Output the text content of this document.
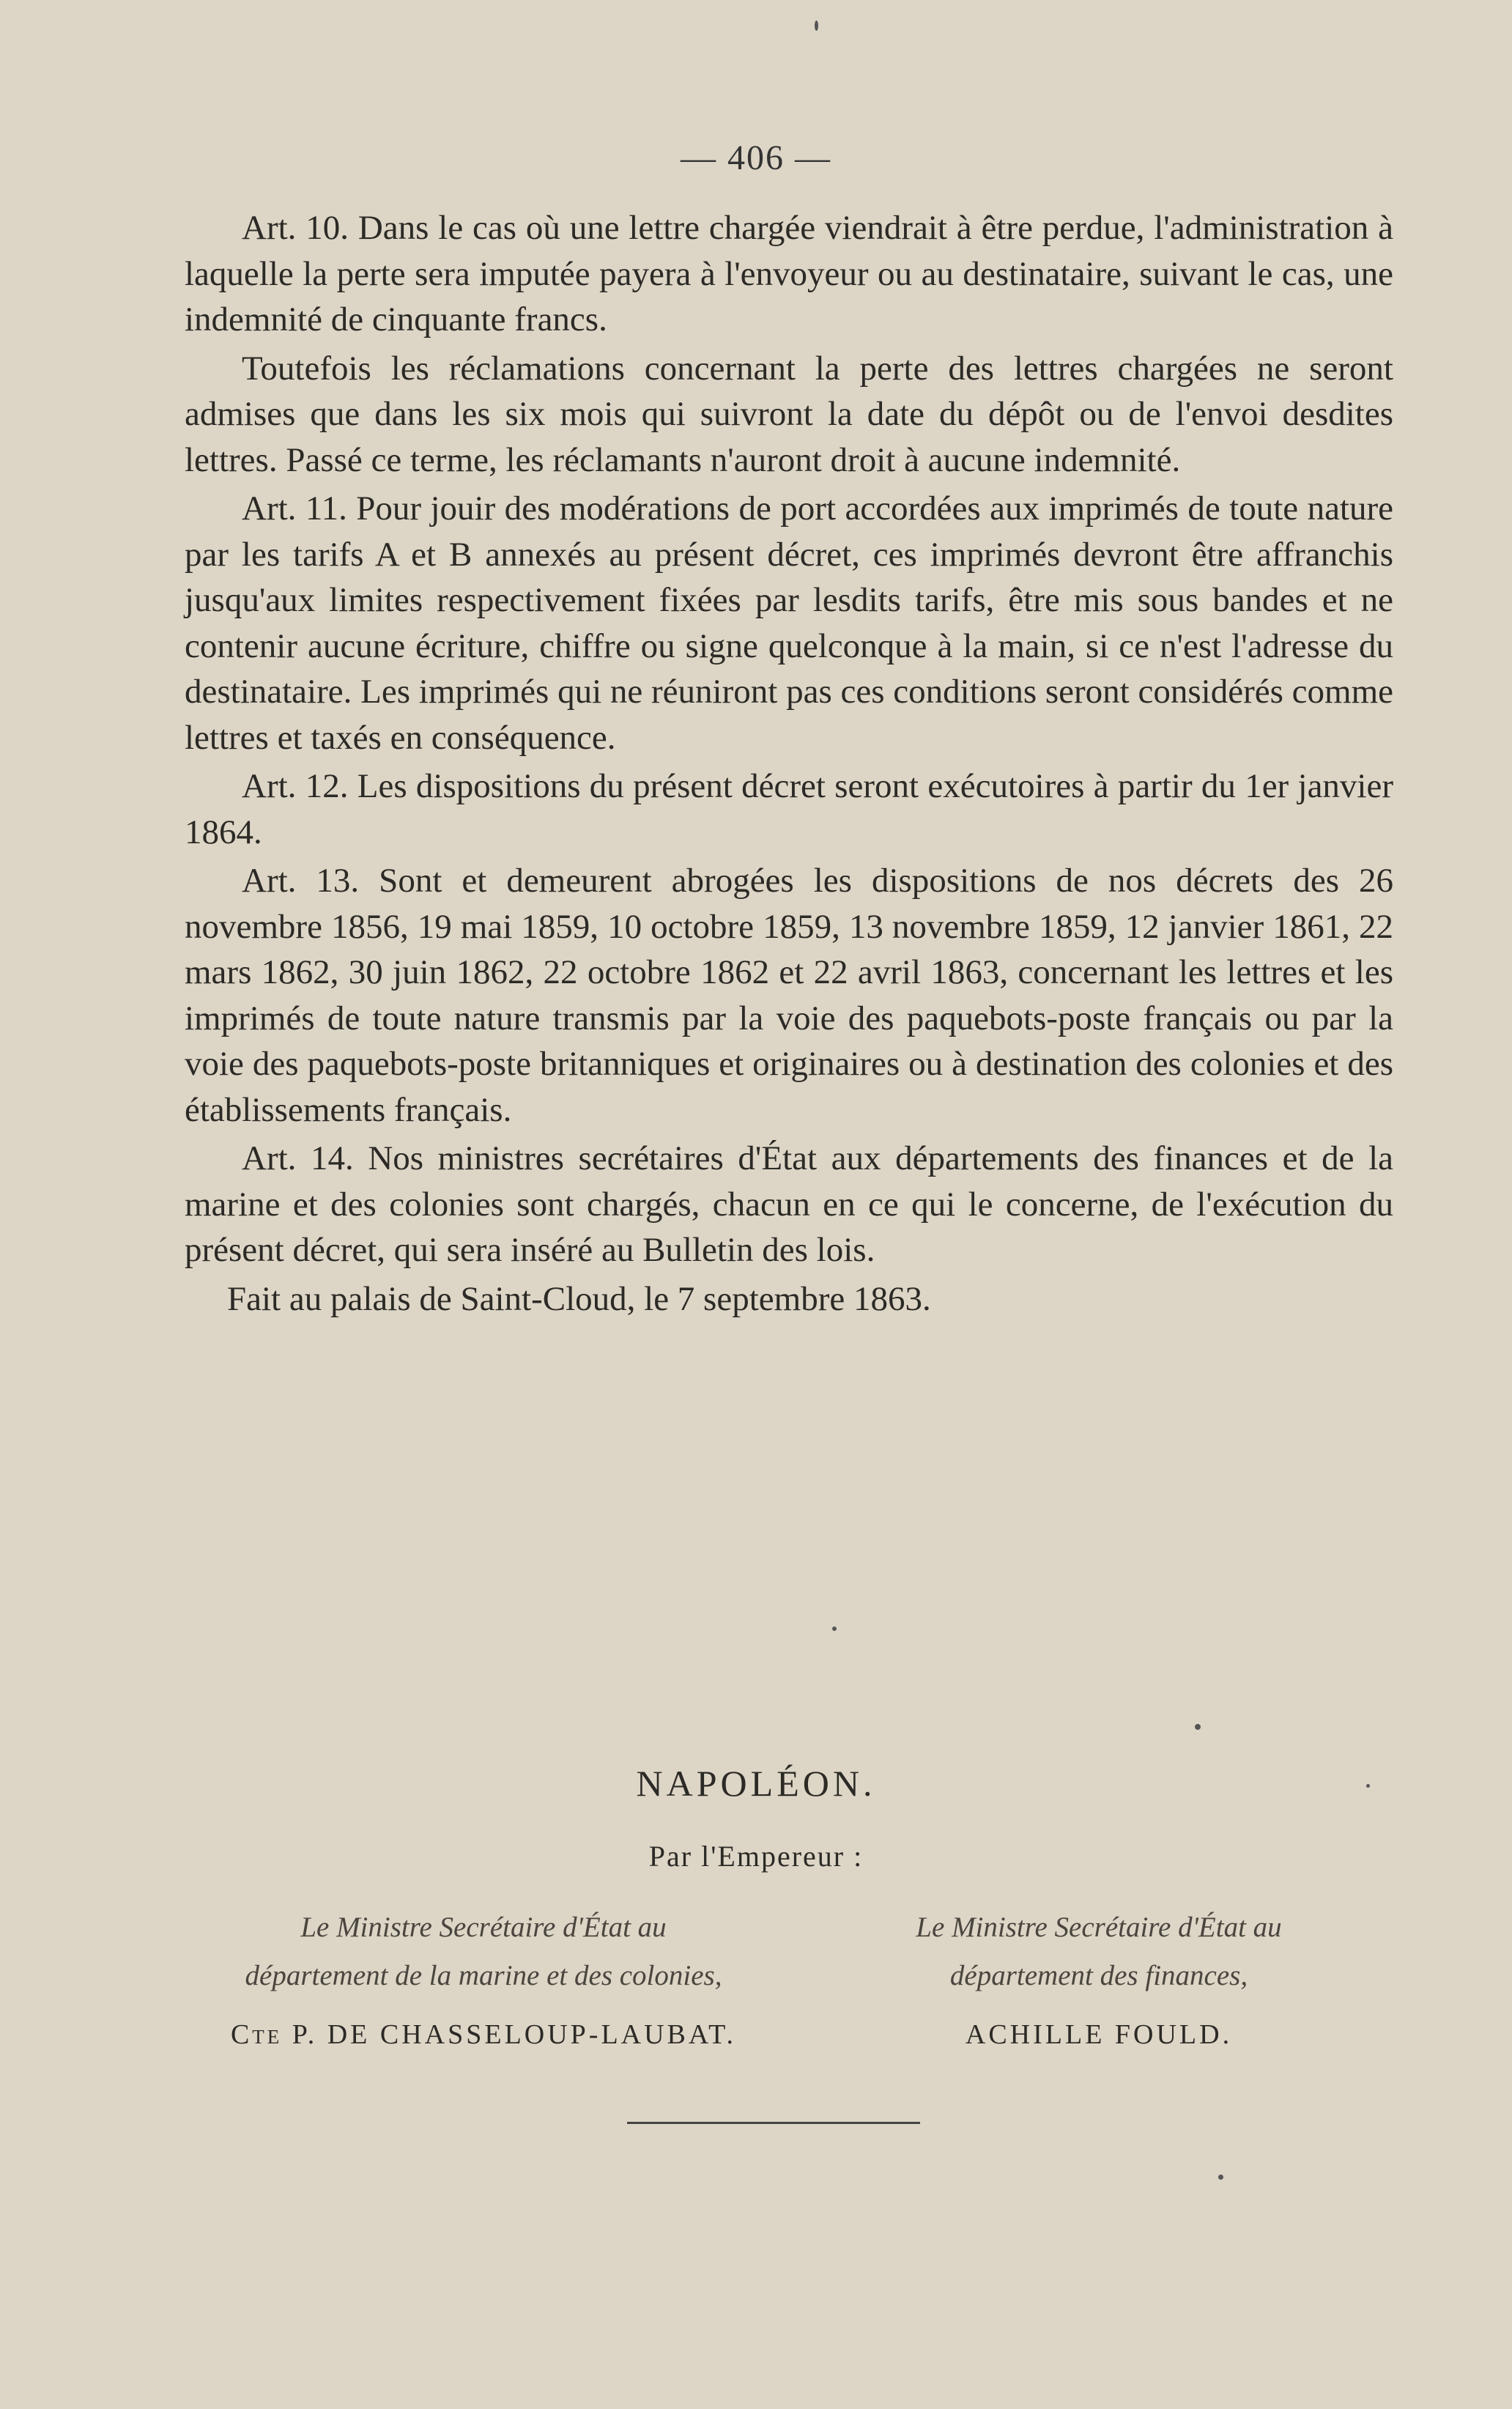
— 406 —

Art. 10. Dans le cas où une lettre chargée viendrait à être perdue, l'administration à laquelle la perte sera imputée payera à l'envoyeur ou au destinataire, suivant le cas, une indemnité de cinquante francs.

Toutefois les réclamations concernant la perte des lettres chargées ne seront admises que dans les six mois qui suivront la date du dépôt ou de l'envoi desdites lettres. Passé ce terme, les réclamants n'auront droit à aucune indemnité.

Art. 11. Pour jouir des modérations de port accordées aux imprimés de toute nature par les tarifs A et B annexés au présent décret, ces imprimés devront être affranchis jusqu'aux limites respectivement fixées par lesdits tarifs, être mis sous bandes et ne contenir aucune écriture, chiffre ou signe quelconque à la main, si ce n'est l'adresse du destinataire. Les imprimés qui ne réuniront pas ces conditions seront considérés comme lettres et taxés en conséquence.

Art. 12. Les dispositions du présent décret seront exécutoires à partir du 1er janvier 1864.

Art. 13. Sont et demeurent abrogées les dispositions de nos décrets des 26 novembre 1856, 19 mai 1859, 10 octobre 1859, 13 novembre 1859, 12 janvier 1861, 22 mars 1862, 30 juin 1862, 22 octobre 1862 et 22 avril 1863, concernant les lettres et les imprimés de toute nature transmis par la voie des paquebots-poste français ou par la voie des paquebots-poste britanniques et originaires ou à destination des colonies et des établissements français.

Art. 14. Nos ministres secrétaires d'État aux départements des finances et de la marine et des colonies sont chargés, chacun en ce qui le concerne, de l'exécution du présent décret, qui sera inséré au Bulletin des lois.

Fait au palais de Saint-Cloud, le 7 septembre 1863.

NAPOLÉON.
Par l'Empereur :
Le Ministre Secrétaire d'État au
département de la marine et des colonies,
Le Ministre Secrétaire d'État au
département des finances,
Cte P. DE CHASSELOUP-LAUBAT.	ACHILLE FOULD.
